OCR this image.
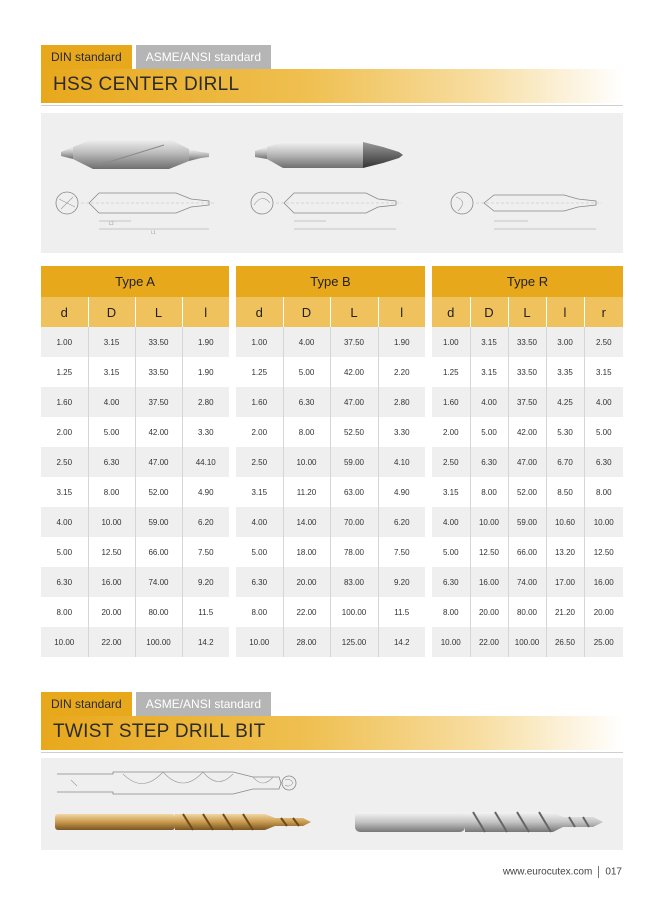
DIN standard	ASME/ANSI standard
HSS CENTER DIRLL
L2
L1
Type A			
d	D	L	l
1.00	3.15	33.50	1.90
1.25	3.15	33.50	1.90
1.60	4.00	37.50	2.80
2.00	5.00	42.00	3.30
2.50	6.30	47.00	44.10
3.15	8.00	52.00	4.90
4.00	10.00	59.00	6.20
5.00	12.50	66.00	7.50
6.30	16.00	74.00	9.20
8.00	20.00	80.00	11.5
10.00	22.00	100.00	14.2
Type B			
d	D	L	l
1.00	4.00	37.50	1.90
1.25	5.00	42.00	2.20
1.60	6.30	47.00	2.80
2.00	8.00	52.50	3.30
2.50	10.00	59.00	4.10
3.15	11.20	63.00	4.90
4.00	14.00	70.00	6.20
5.00	18.00	78.00	7.50
6.30	20.00	83.00	9.20
8.00	22.00	100.00	11.5
10.00	28.00	125.00	14.2
Type R				
d	D	L	l	r
1.00	3.15	33.50	3.00	2.50
1.25	3.15	33.50	3.35	3.15
1.60	4.00	37.50	4.25	4.00
2.00	5.00	42.00	5.30	5.00
2.50	6.30	47.00	6.70	6.30
3.15	8.00	52.00	8.50	8.00
4.00	10.00	59.00	10.60	10.00
5.00	12.50	66.00	13.20	12.50
6.30	16.00	74.00	17.00	16.00
8.00	20.00	80.00	21.20	20.00
10.00	22.00	100.00	26.50	25.00
DIN standard	ASME/ANSI standard
TWIST STEP DRILL BIT
www.eurocutex.com 017
